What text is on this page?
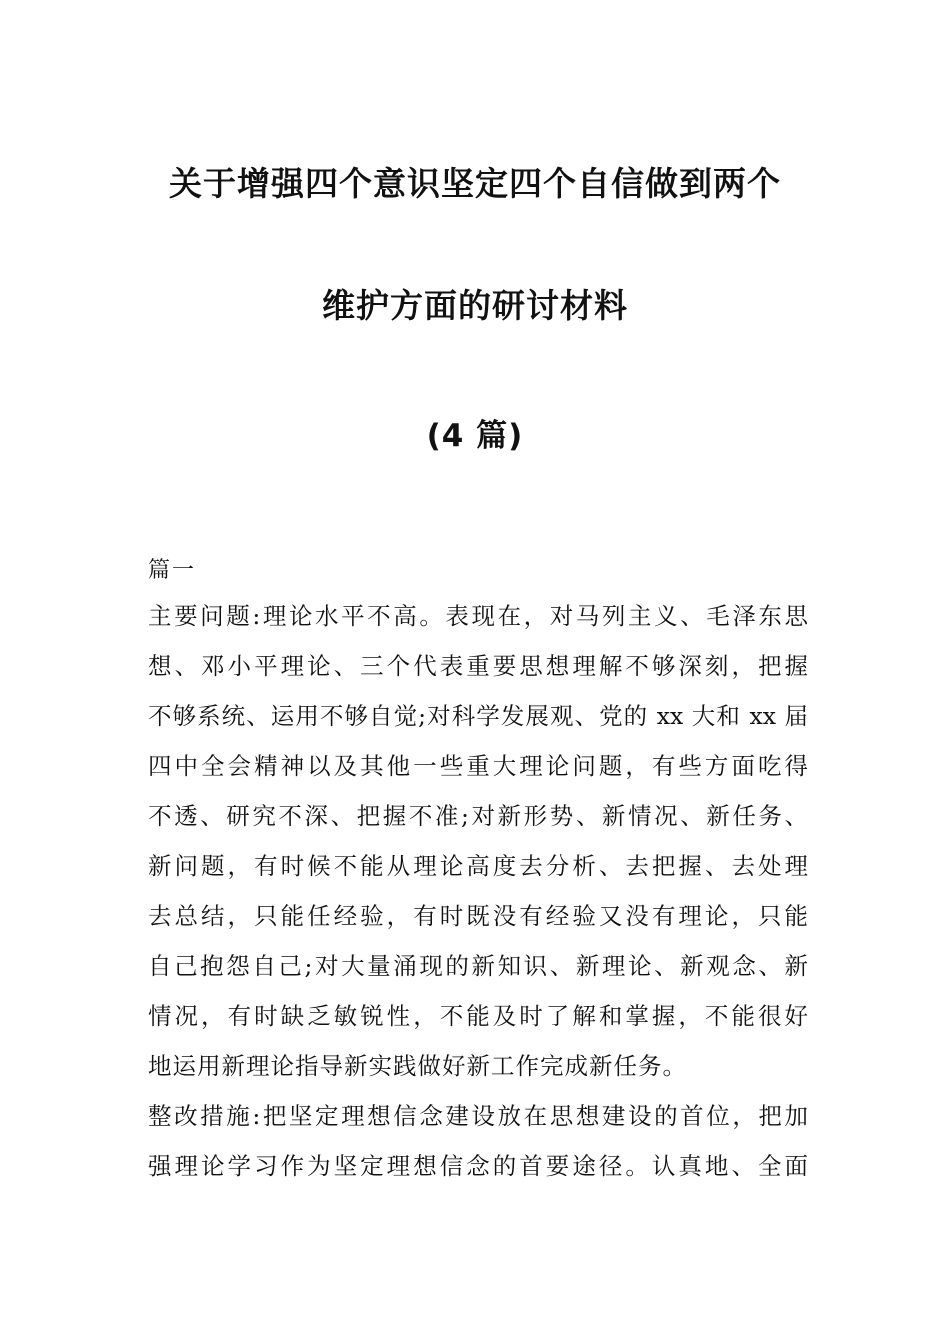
关于增强四个意识坚定四个自信做到两个
维护方面的研讨材料
(4 篇)
篇一
主要问题:理论水平不高。表现在，对马列主义、毛泽东思
想、邓小平理论、三个代表重要思想理解不够深刻，把握
不够系统、运用不够自觉;对科学发展观、党的 xx 大和 xx 届
四中全会精神以及其他一些重大理论问题，有些方面吃得
不透、研究不深、把握不准;对新形势、新情况、新任务、
新问题，有时候不能从理论高度去分析、去把握、去处理
去总结，只能任经验，有时既没有经验又没有理论，只能
自己抱怨自己;对大量涌现的新知识、新理论、新观念、新
情况，有时缺乏敏锐性，不能及时了解和掌握，不能很好
地运用新理论指导新实践做好新工作完成新任务。
整改措施:把坚定理想信念建设放在思想建设的首位，把加
强理论学习作为坚定理想信念的首要途径。认真地、全面
